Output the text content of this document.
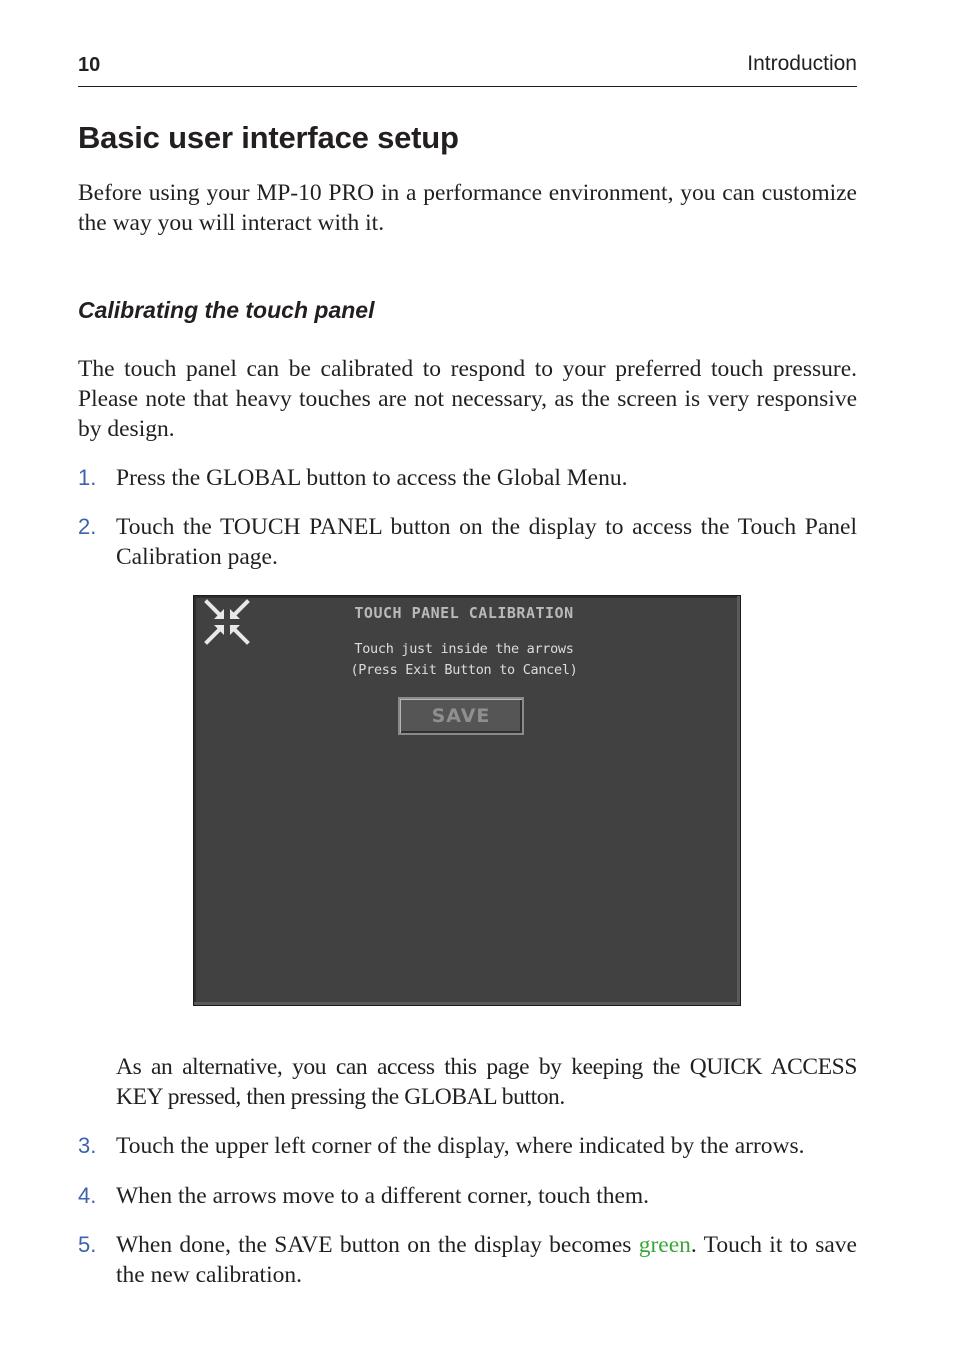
10	Introduction
Basic user interface setup

Before using your MP-10 PRO in a performance environment, you can customize the way you will interact with it.

Calibrating the touch panel

The touch panel can be calibrated to respond to your preferred touch pressure. Please note that heavy touches are not necessary, as the screen is very responsive by design.

1. Press the GLOBAL button to access the Global Menu.
2. Touch the TOUCH PANEL button on the display to access the Touch Panel Calibration page.
TOUCH PANEL CALIBRATION
Touch just inside the arrows
(Press Exit Button to Cancel)
SAVE

As an alternative, you can access this page by keeping the QUICK ACCESS KEY pressed, then pressing the GLOBAL button.

3. Touch the upper left corner of the display, where indicated by the arrows.
4. When the arrows move to a different corner, touch them.
5. When done, the SAVE button on the display becomes green. Touch it to save the new calibration.
